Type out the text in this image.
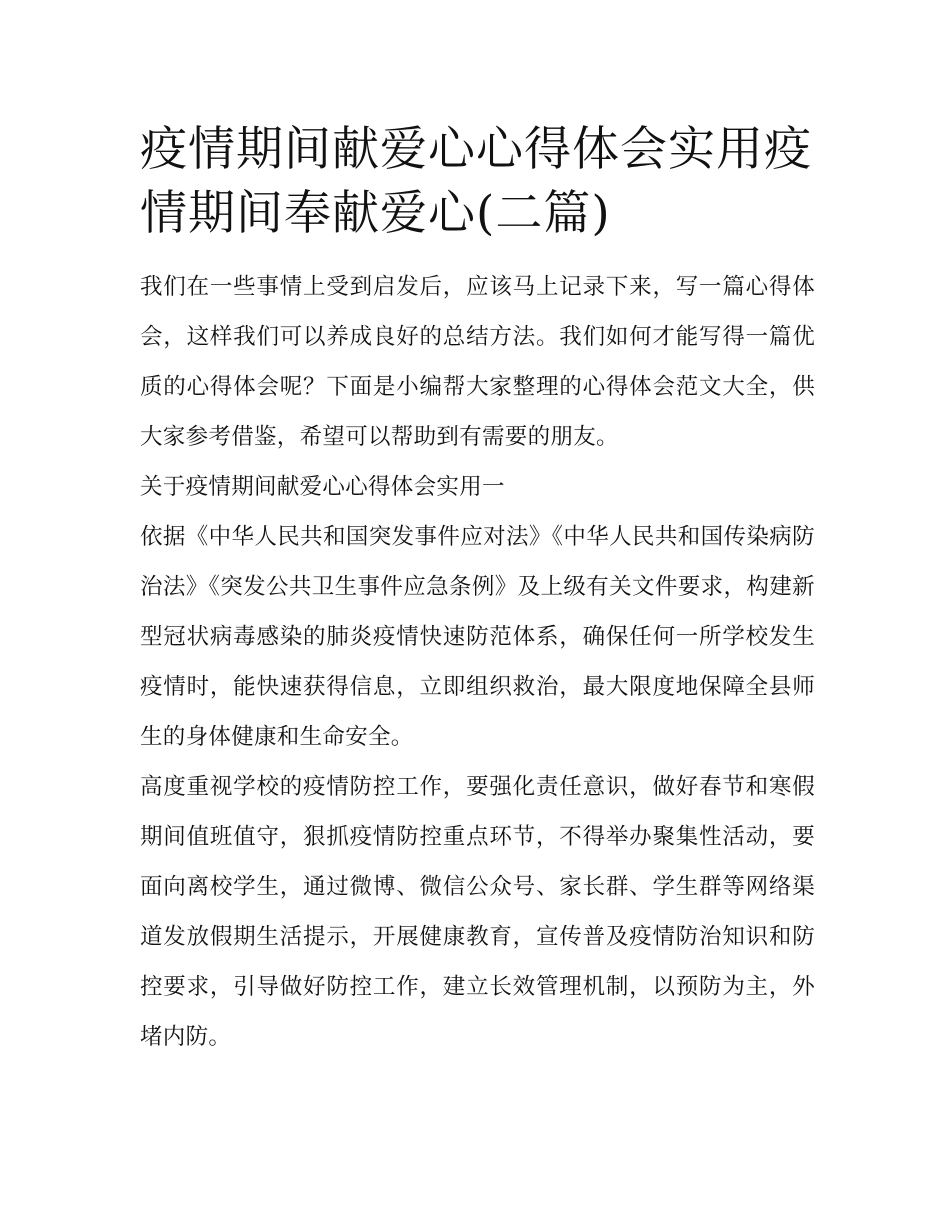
疫情期间献爱心心得体会实用疫情期间奉献爱心(二篇)

我们在一些事情上受到启发后，应该马上记录下来，写一篇心得体会，这样我们可以养成良好的总结方法。我们如何才能写得一篇优质的心得体会呢？下面是小编帮大家整理的心得体会范文大全，供大家参考借鉴，希望可以帮助到有需要的朋友。

关于疫情期间献爱心心得体会实用一

依据《中华人民共和国突发事件应对法》《中华人民共和国传染病防治法》《突发公共卫生事件应急条例》及上级有关文件要求，构建新型冠状病毒感染的肺炎疫情快速防范体系，确保任何一所学校发生疫情时，能快速获得信息，立即组织救治，最大限度地保障全县师生的身体健康和生命安全。

高度重视学校的疫情防控工作，要强化责任意识，做好春节和寒假期间值班值守，狠抓疫情防控重点环节，不得举办聚集性活动，要面向离校学生，通过微博、微信公众号、家长群、学生群等网络渠道发放假期生活提示，开展健康教育，宣传普及疫情防治知识和防控要求，引导做好防控工作，建立长效管理机制，以预防为主，外堵内防。
